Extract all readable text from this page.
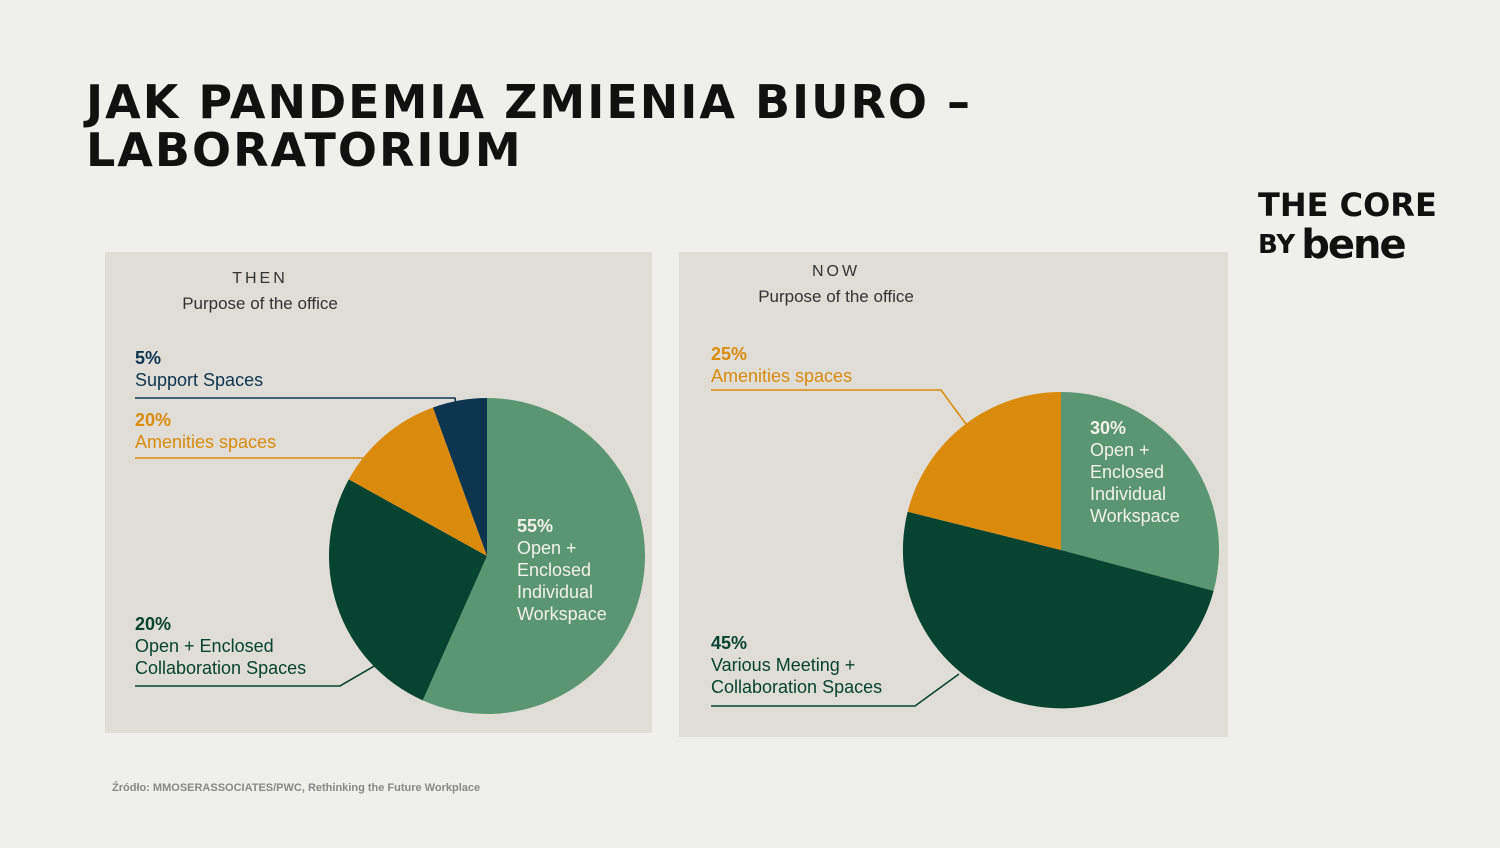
JAK PANDEMIA ZMIENIA BIURO –
LABORATORIUM
THE CORE
BY bene
THEN
Purpose of the office
55%
Open +
Enclosed
Individual
Workspace
20%
Open + Enclosed
Collaboration Spaces
20%
Amenities spaces
5%
Support Spaces
NOW
Purpose of the office
30%
Open +
Enclosed
Individual
Workspace
45%
Various Meeting +
Collaboration Spaces
25%
Amenities spaces
Źródło: MMOSERASSOCIATES/PWC, Rethinking the Future Workplace
